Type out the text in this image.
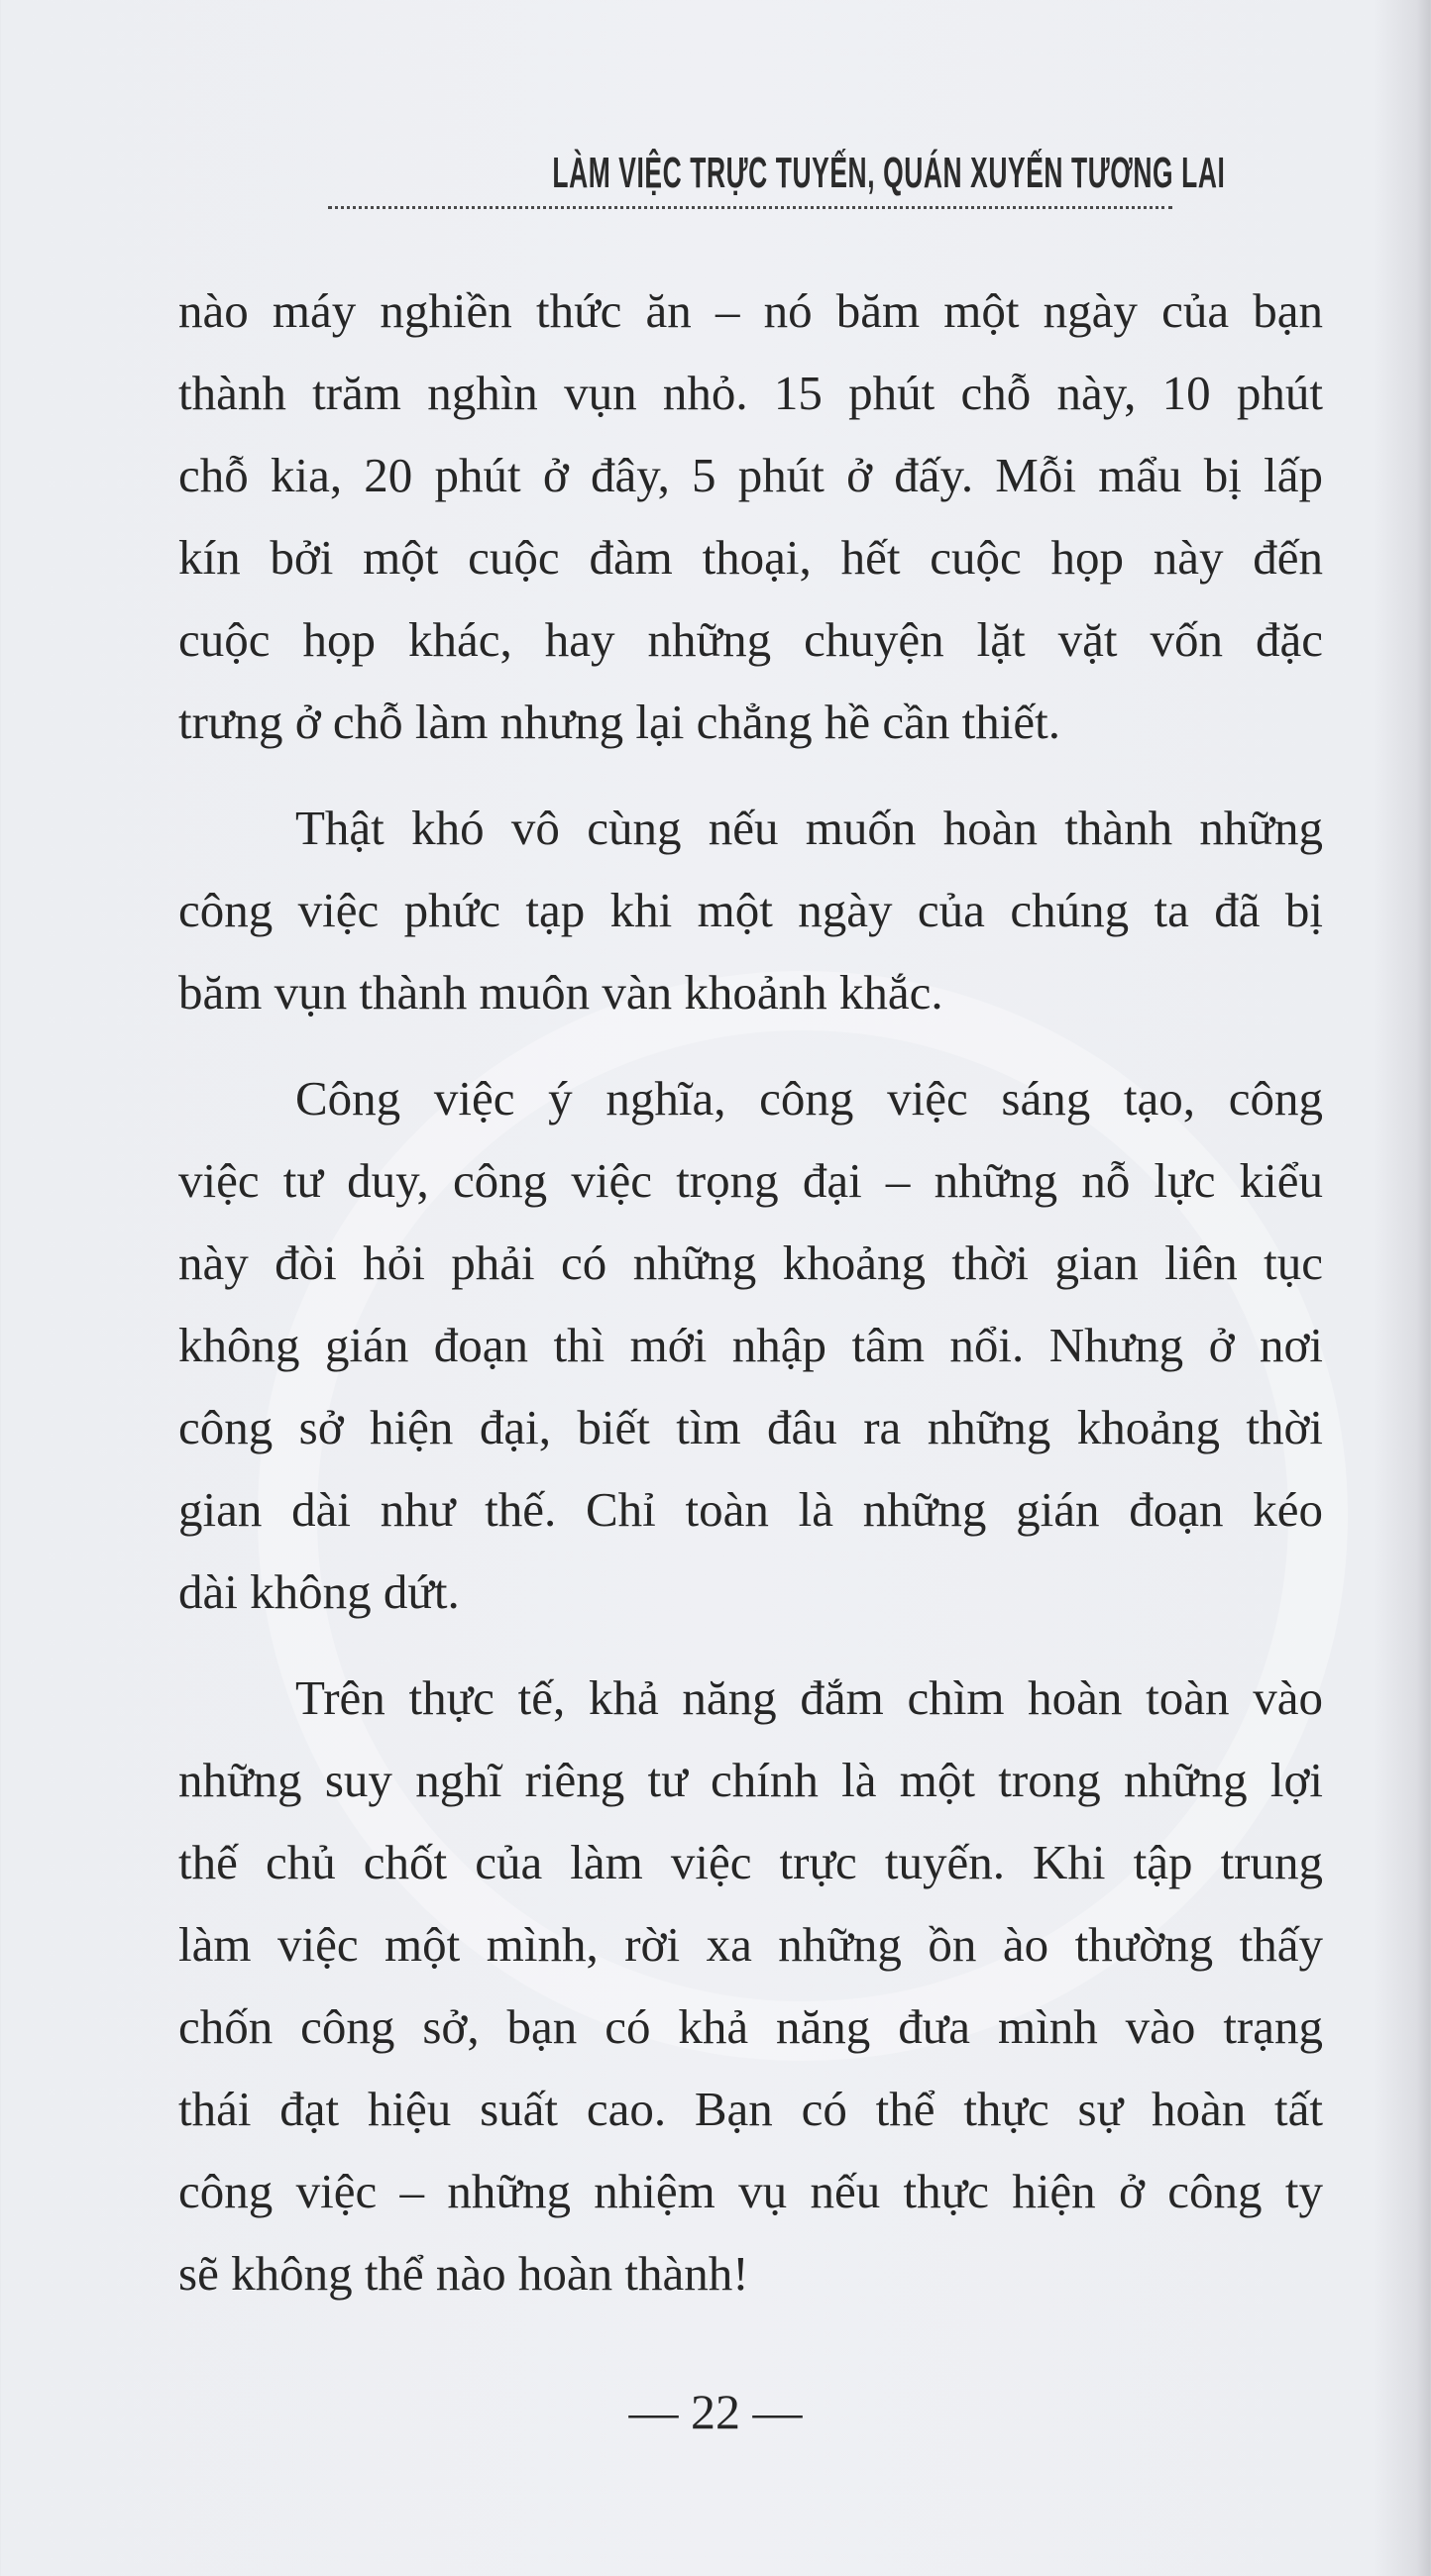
LÀM VIỆC TRỰC TUYẾN, QUÁN XUYẾN TƯƠNG LAI

nào máy nghiền thức ăn – nó băm một ngày của bạn
thành trăm nghìn vụn nhỏ. 15 phút chỗ này, 10 phút
chỗ kia, 20 phút ở đây, 5 phút ở đấy. Mỗi mẩu bị lấp
kín bởi một cuộc đàm thoại, hết cuộc họp này đến
cuộc họp khác, hay những chuyện lặt vặt vốn đặc
trưng ở chỗ làm nhưng lại chẳng hề cần thiết.

Thật khó vô cùng nếu muốn hoàn thành những
công việc phức tạp khi một ngày của chúng ta đã bị
băm vụn thành muôn vàn khoảnh khắc.

Công việc ý nghĩa, công việc sáng tạo, công
việc tư duy, công việc trọng đại – những nỗ lực kiểu
này đòi hỏi phải có những khoảng thời gian liên tục
không gián đoạn thì mới nhập tâm nổi. Nhưng ở nơi
công sở hiện đại, biết tìm đâu ra những khoảng thời
gian dài như thế. Chỉ toàn là những gián đoạn kéo
dài không dứt.

Trên thực tế, khả năng đắm chìm hoàn toàn vào
những suy nghĩ riêng tư chính là một trong những lợi
thế chủ chốt của làm việc trực tuyến. Khi tập trung
làm việc một mình, rời xa những ồn ào thường thấy
chốn công sở, bạn có khả năng đưa mình vào trạng
thái đạt hiệu suất cao. Bạn có thể thực sự hoàn tất
công việc – những nhiệm vụ nếu thực hiện ở công ty
sẽ không thể nào hoàn thành!

— 22 —
